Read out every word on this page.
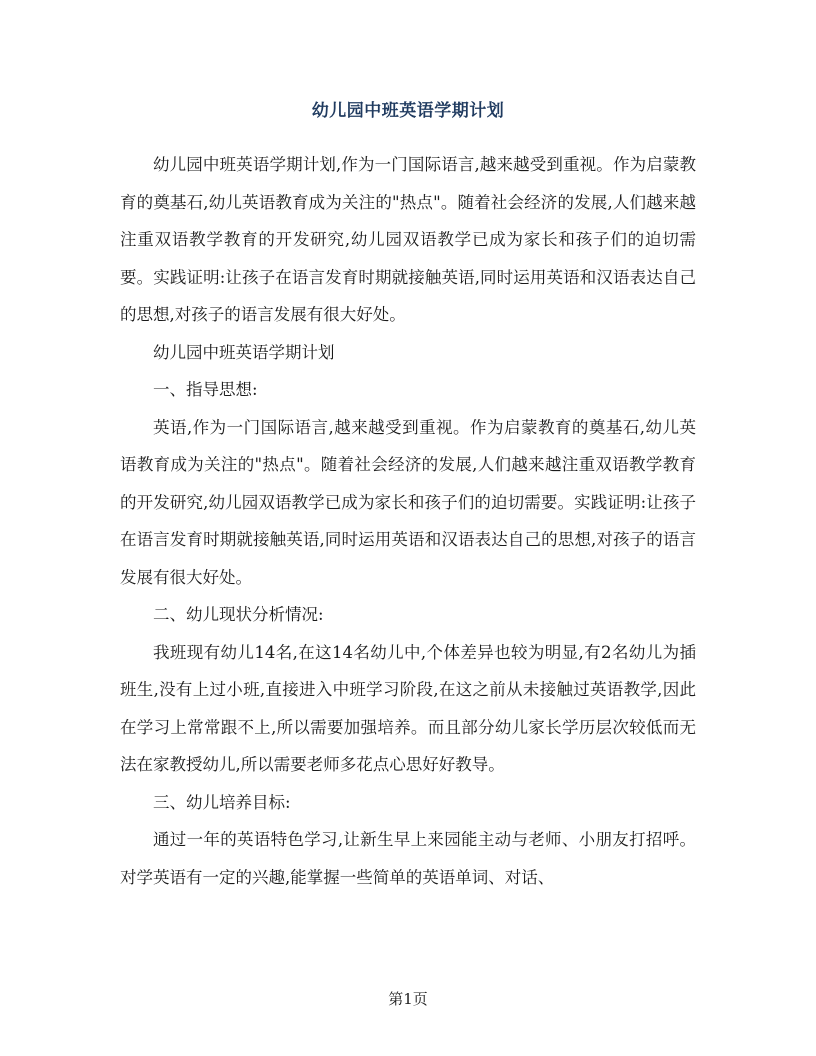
幼儿园中班英语学期计划

幼儿园中班英语学期计划,作为一门国际语言,越来越受到重视。作为启蒙教育的奠基石,幼儿英语教育成为关注的"热点"。随着社会经济的发展,人们越来越注重双语教学教育的开发研究,幼儿园双语教学已成为家长和孩子们的迫切需要。实践证明:让孩子在语言发育时期就接触英语,同时运用英语和汉语表达自己的思想,对孩子的语言发展有很大好处。

幼儿园中班英语学期计划

一、指导思想:

英语,作为一门国际语言,越来越受到重视。作为启蒙教育的奠基石,幼儿英语教育成为关注的"热点"。随着社会经济的发展,人们越来越注重双语教学教育的开发研究,幼儿园双语教学已成为家长和孩子们的迫切需要。实践证明:让孩子在语言发育时期就接触英语,同时运用英语和汉语表达自己的思想,对孩子的语言发展有很大好处。

二、幼儿现状分析情况:

我班现有幼儿14名,在这14名幼儿中,个体差异也较为明显,有2名幼儿为插班生,没有上过小班,直接进入中班学习阶段,在这之前从未接触过英语教学,因此在学习上常常跟不上,所以需要加强培养。而且部分幼儿家长学历层次较低而无法在家教授幼儿,所以需要老师多花点心思好好教导。

三、幼儿培养目标:

通过一年的英语特色学习,让新生早上来园能主动与老师、小朋友打招呼。对学英语有一定的兴趣,能掌握一些简单的英语单词、对话、

第1页
